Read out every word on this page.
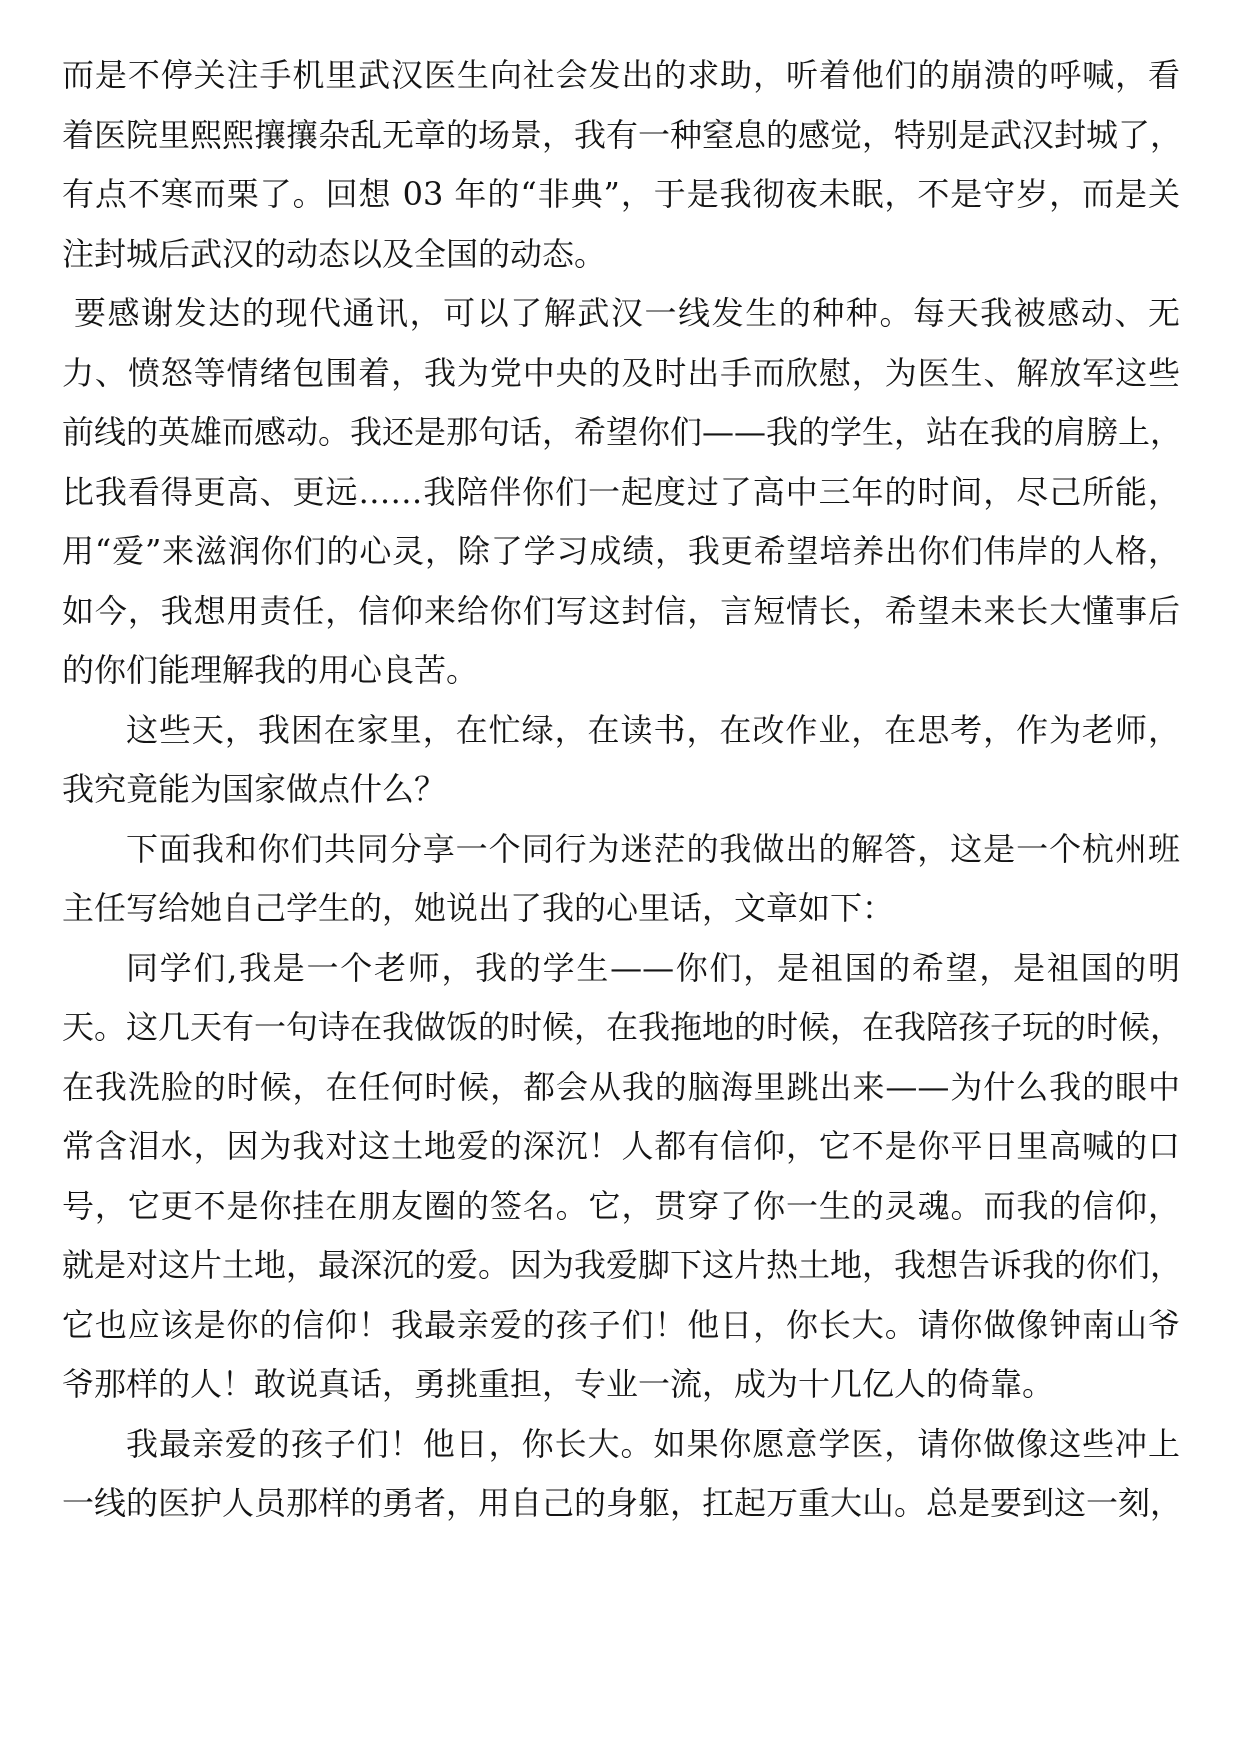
而是不停关注手机里武汉医生向社会发出的求助，听着他们的崩溃的呼喊，看
着医院里熙熙攘攘杂乱无章的场景，我有一种窒息的感觉，特别是武汉封城了，
有点不寒而栗了。回想 03 年的“非典”，于是我彻夜未眠，不是守岁，而是关
注封城后武汉的动态以及全国的动态。
要感谢发达的现代通讯，可以了解武汉一线发生的种种。每天我被感动、无
力、愤怒等情绪包围着，我为党中央的及时出手而欣慰，为医生、解放军这些
前线的英雄而感动。我还是那句话，希望你们——我的学生，站在我的肩膀上，
比我看得更高、更远……我陪伴你们一起度过了高中三年的时间，尽己所能，
用“爱”来滋润你们的心灵，除了学习成绩，我更希望培养出你们伟岸的人格，
如今，我想用责任，信仰来给你们写这封信，言短情长，希望未来长大懂事后
的你们能理解我的用心良苦。
这些天，我困在家里，在忙绿，在读书，在改作业，在思考，作为老师，
我究竟能为国家做点什么？
下面我和你们共同分享一个同行为迷茫的我做出的解答，这是一个杭州班
主任写给她自己学生的，她说出了我的心里话，文章如下：
同学们,我是一个老师，我的学生——你们，是祖国的希望，是祖国的明
天。这几天有一句诗在我做饭的时候，在我拖地的时候，在我陪孩子玩的时候，
在我洗脸的时候，在任何时候，都会从我的脑海里跳出来——为什么我的眼中
常含泪水，因为我对这土地爱的深沉！人都有信仰，它不是你平日里高喊的口
号，它更不是你挂在朋友圈的签名。它，贯穿了你一生的灵魂。而我的信仰，
就是对这片土地，最深沉的爱。因为我爱脚下这片热土地，我想告诉我的你们，
它也应该是你的信仰！我最亲爱的孩子们！他日，你长大。请你做像钟南山爷
爷那样的人！敢说真话，勇挑重担，专业一流，成为十几亿人的倚靠。
我最亲爱的孩子们！他日，你长大。如果你愿意学医，请你做像这些冲上
一线的医护人员那样的勇者，用自己的身躯，扛起万重大山。总是要到这一刻，
